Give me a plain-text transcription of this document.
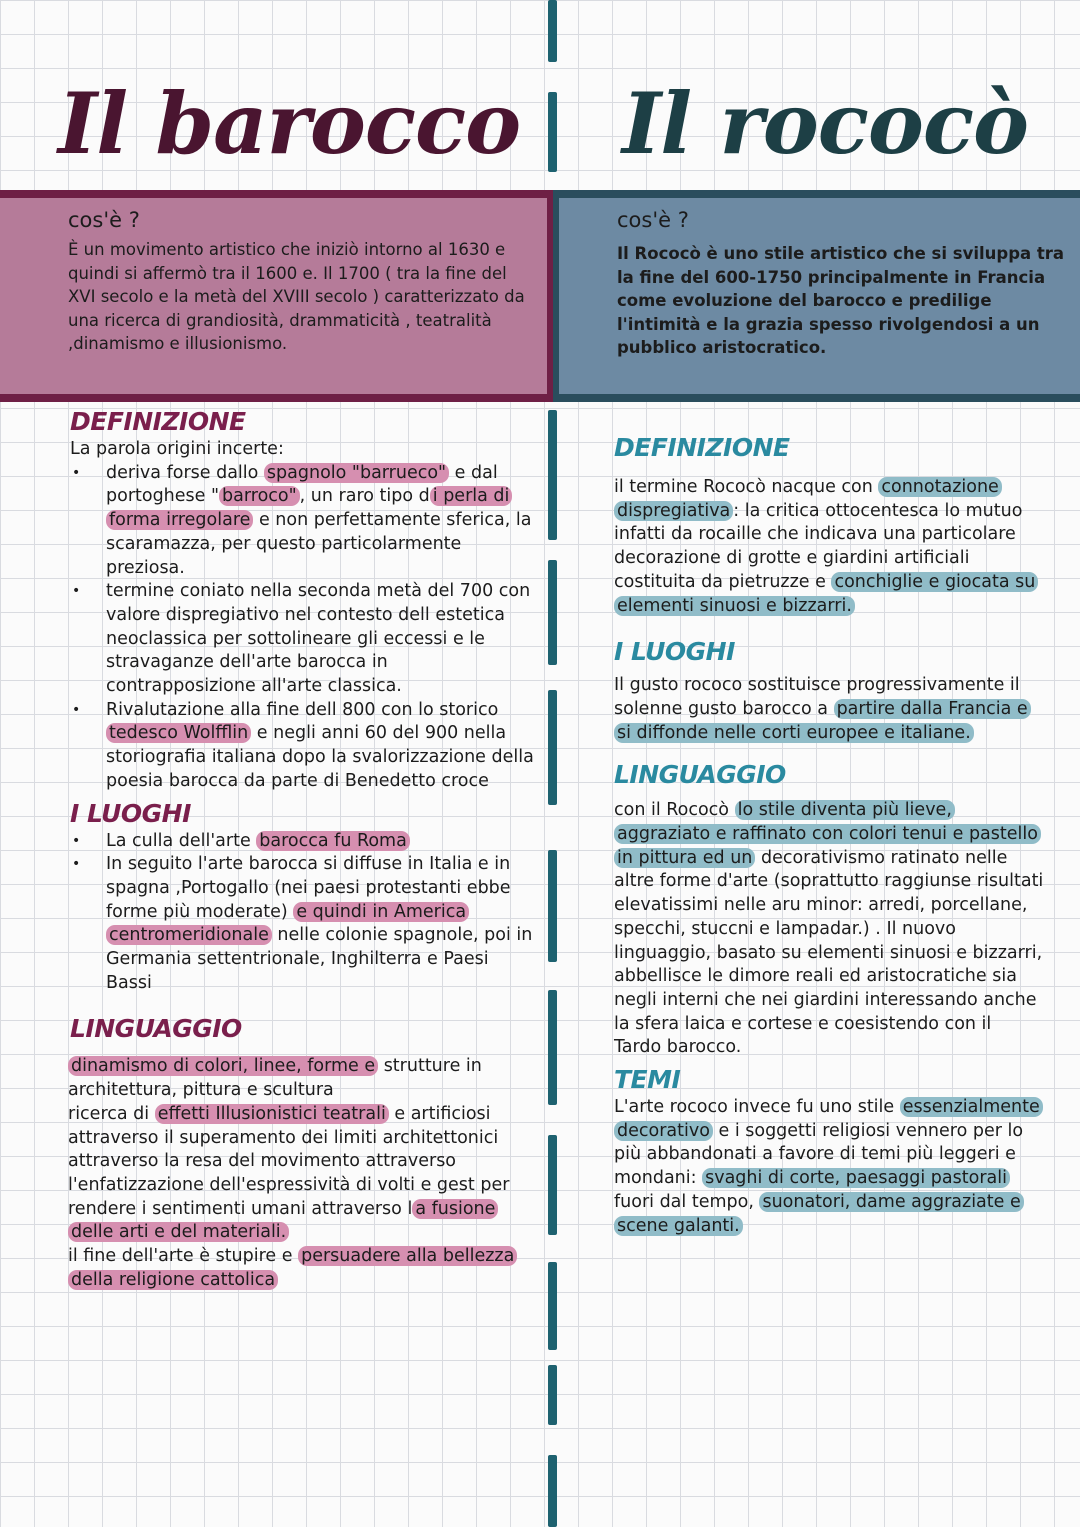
Il barocco Il rococò
cos'è ?

È un movimento artistico che iniziò intorno al 1630 e quindi si affermò tra il 1600 e. Il 1700 ( tra la fine del XVI secolo e la metà del XVIII secolo ) caratterizzato da una ricerca di grandiosità, drammaticità , teatralità ,dinamismo e illusionismo.

cos'è ?

Il Rococò è uno stile artistico che si sviluppa tra la fine del 600-1750 principalmente in Francia come evoluzione del barocco e predilige l'intimità e la grazia spesso rivolgendosi a un pubblico aristocratico.

DEFINIZIONE

La parola origini incerte:

• deriva forse dallo spagnolo "barrueco" e dal portoghese " barroco" , un raro tipo d i perla di forma irregolare e non perfettamente sferica, la scaramazza, per questo particolarmente preziosa.
• termine coniato nella seconda metà del 700 con valore dispregiativo nel contesto dell estetica neoclassica per sottolineare gli eccessi e le stravaganze dell'arte barocca in contrapposizione all'arte classica.
• Rivalutazione alla fine dell 800 con lo storico tedesco Wolfflin e negli anni 60 del 900 nella storiografia italiana dopo la svalorizzazione della poesia barocca da parte di Benedetto croce
I LUOGHI
• La culla dell'arte barocca fu Roma
• In seguito l'arte barocca si diffuse in Italia e in spagna ,Portogallo (nei paesi protestanti ebbe forme più moderate) e quindi in America centromeridionale nelle colonie spagnole, poi in Germania settentrionale, Inghilterra e Paesi Bassi
LINGUAGGIO

dinamismo di colori, linee, forme e strutture in architettura, pittura e scultura

ricerca di effetti Illusionistici teatrali e artificiosi attraverso il superamento dei limiti architettonici attraverso la resa del movimento attraverso l'enfatizzazione dell'espressività di volti e gest per rendere i sentimenti umani attraverso l a fusione delle arti e del materiali.

il fine dell'arte è stupire e persuadere alla bellezza della religione cattolica

DEFINIZIONE

il termine Rococò nacque con connotazione dispregiativa : la critica ottocentesca lo mutuo infatti da rocaille che indicava una particolare decorazione di grotte e giardini artificiali costituita da pietruzze e conchiglie e giocata su elementi sinuosi e bizzarri.

I LUOGHI

Il gusto rococo sostituisce progressivamente il solenne gusto barocco a partire dalla Francia e si diffonde nelle corti europee e italiane.

LINGUAGGIO

con il Rococò lo stile diventa più lieve, aggraziato e raffinato con colori tenui e pastello in pittura ed un decorativismo ratinato nelle altre forme d'arte (soprattutto raggiunse risultati elevatissimi nelle aru minor: arredi, porcellane, specchi, stuccni e lampadar.) . Il nuovo linguaggio, basato su elementi sinuosi e bizzarri, abbellisce le dimore reali ed aristocratiche sia negli interni che nei giardini interessando anche la sfera laica e cortese e coesistendo con il Tardo barocco.

TEMI

L'arte rococo invece fu uno stile essenzialmente decorativo e i soggetti religiosi vennero per lo più abbandonati a favore di temi più leggeri e mondani: svaghi di corte, paesaggi pastorali fuori dal tempo, suonatori, dame aggraziate e scene galanti.
